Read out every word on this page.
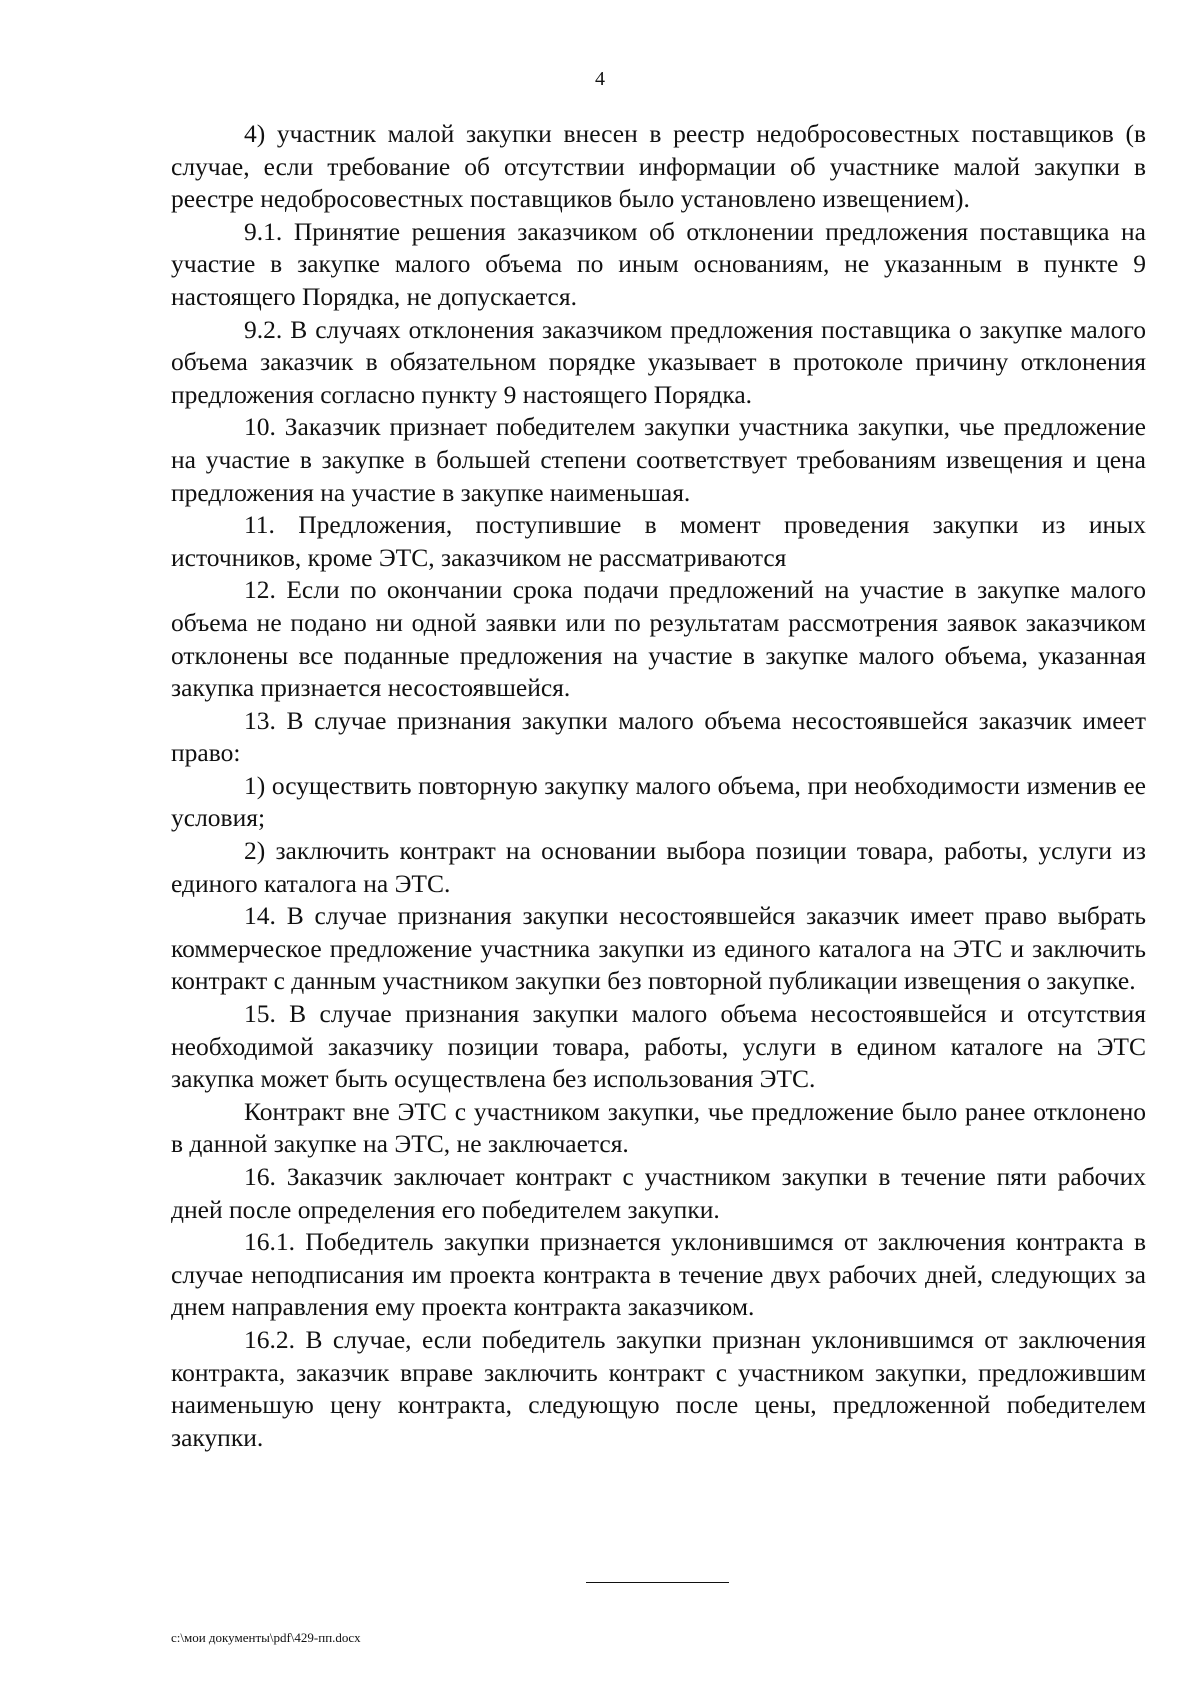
4

4) участник малой закупки внесен в реестр недобросовестных поставщиков (в случае, если требование об отсутствии информации об участнике малой закупки в реестре недобросовестных поставщиков было установлено извещением).

9.1. Принятие решения заказчиком об отклонении предложения поставщика на участие в закупке малого объема по иным основаниям, не указанным в пункте 9 настоящего Порядка, не допускается.

9.2. В случаях отклонения заказчиком предложения поставщика о закупке малого объема заказчик в обязательном порядке указывает в протоколе причину отклонения предложения согласно пункту 9 настоящего Порядка.

10. Заказчик признает победителем закупки участника закупки, чье предложение на участие в закупке в большей степени соответствует требованиям извещения и цена предложения на участие в закупке наименьшая.

11. Предложения, поступившие в момент проведения закупки из иных источников, кроме ЭТС, заказчиком не рассматриваются

12. Если по окончании срока подачи предложений на участие в закупке малого объема не подано ни одной заявки или по результатам рассмотрения заявок заказчиком отклонены все поданные предложения на участие в закупке малого объема, указанная закупка признается несостоявшейся.

13. В случае признания закупки малого объема несостоявшейся заказчик имеет право:

1) осуществить повторную закупку малого объема, при необходимости изменив ее условия;

2) заключить контракт на основании выбора позиции товара, работы, услуги из единого каталога на ЭТС.

14. В случае признания закупки несостоявшейся заказчик имеет право выбрать коммерческое предложение участника закупки из единого каталога на ЭТС и заключить контракт с данным участником закупки без повторной публикации извещения о закупке.

15. В случае признания закупки малого объема несостоявшейся и отсутствия необходимой заказчику позиции товара, работы, услуги в едином каталоге на ЭТС закупка может быть осуществлена без использования ЭТС.

Контракт вне ЭТС с участником закупки, чье предложение было ранее отклонено в данной закупке на ЭТС, не заключается.

16. Заказчик заключает контракт с участником закупки в течение пяти рабочих дней после определения его победителем закупки.

16.1. Победитель закупки признается уклонившимся от заключения контракта в случае неподписания им проекта контракта в течение двух рабочих дней, следующих за днем направления ему проекта контракта заказчиком.

16.2. В случае, если победитель закупки признан уклонившимся от заключения контракта, заказчик вправе заключить контракт с участником закупки, предложившим наименьшую цену контракта, следующую после цены, предложенной победителем закупки.

c:\мои документы\pdf\429-пп.docx
